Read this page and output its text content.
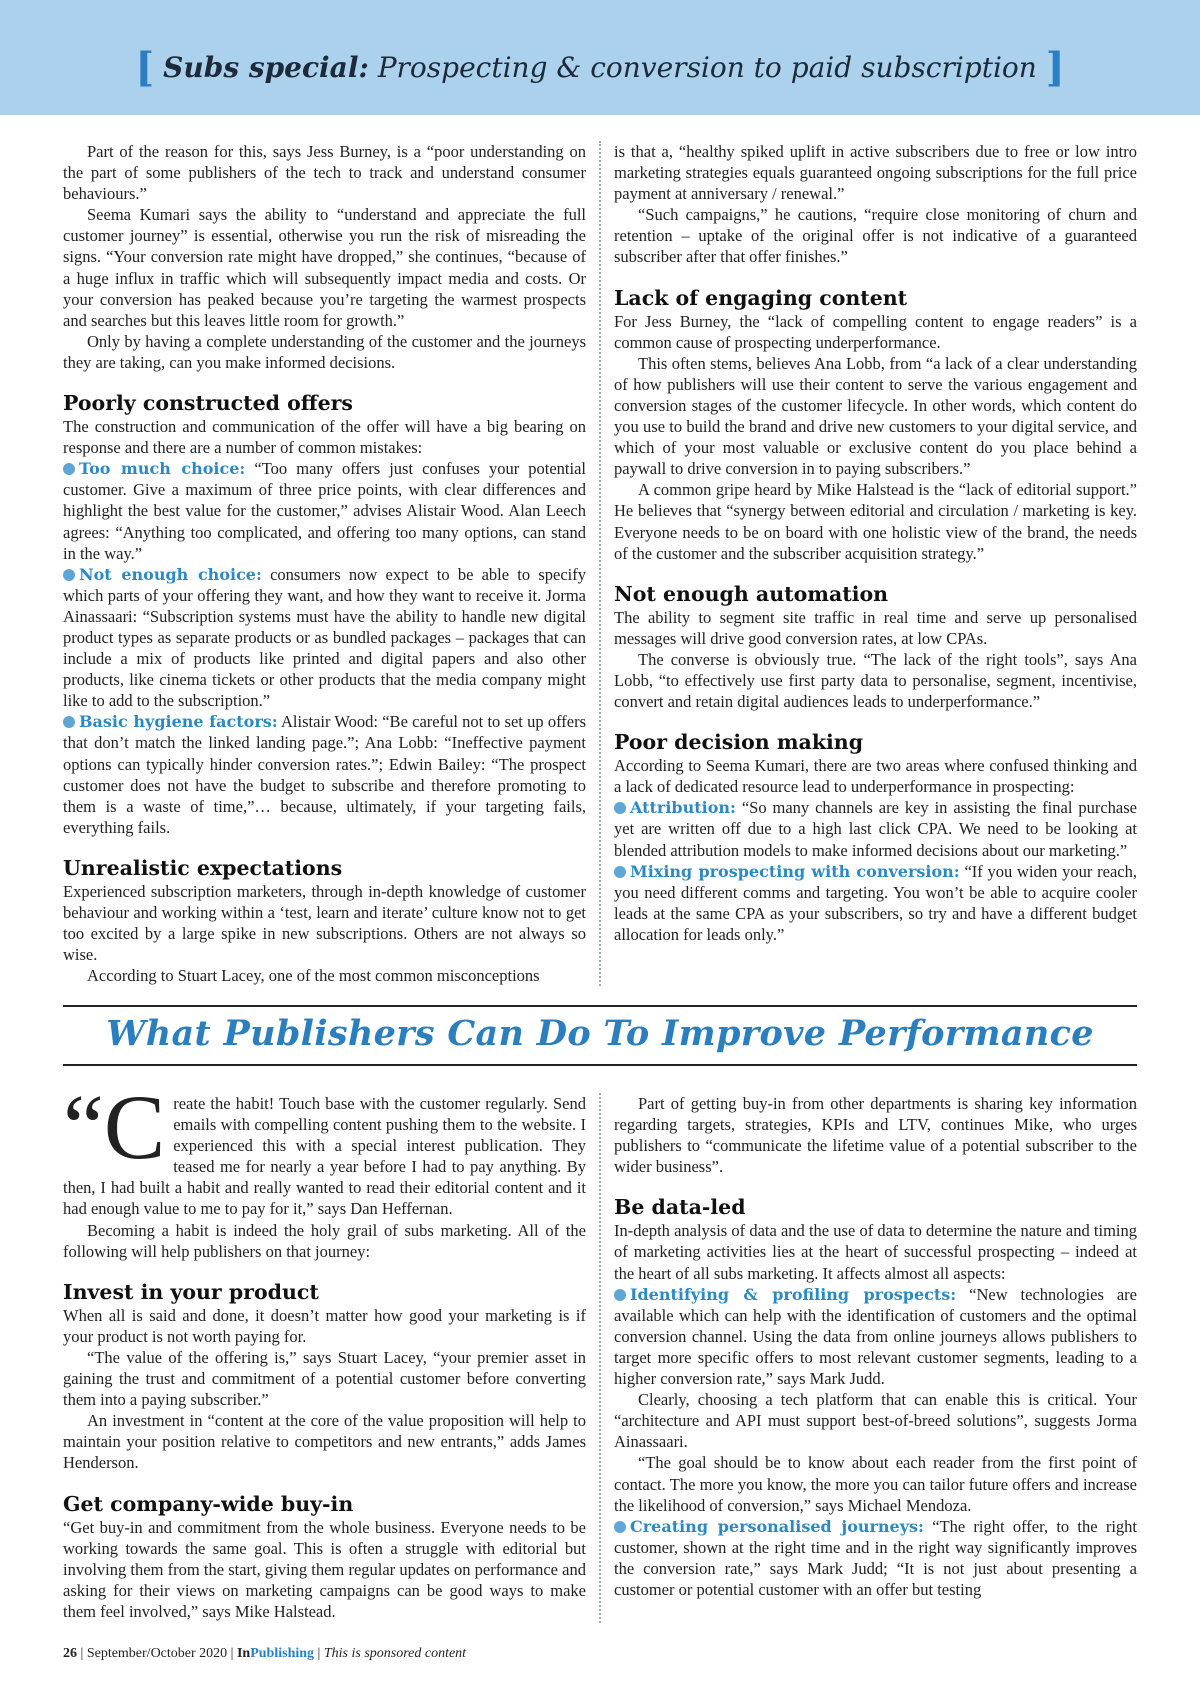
[ Subs special: Prospecting & conversion to paid subscription ]

Part of the reason for this, says Jess Burney, is a “poor understanding on the part of some publishers of the tech to track and understand consumer behaviours.”

Seema Kumari says the ability to “understand and appreciate the full customer journey” is essential, otherwise you run the risk of misreading the signs. “Your conversion rate might have dropped,” she continues, “because of a huge influx in traffic which will subsequently impact media and costs. Or your conversion has peaked because you’re targeting the warmest prospects and searches but this leaves little room for growth.”

Only by having a complete understanding of the customer and the journeys they are taking, can you make informed decisions.

Poorly constructed offers

The construction and communication of the offer will have a big bearing on response and there are a number of common mistakes:

Too much choice: “Too many offers just confuses your potential customer. Give a maximum of three price points, with clear differences and highlight the best value for the customer,” advises Alistair Wood. Alan Leech agrees: “Anything too complicated, and offering too many options, can stand in the way.”

Not enough choice: consumers now expect to be able to specify which parts of your offering they want, and how they want to receive it. Jorma Ainassaari: “Subscription systems must have the ability to handle new digital product types as separate products or as bundled packages – packages that can include a mix of products like printed and digital papers and also other products, like cinema tickets or other products that the media company might like to add to the subscription.”

Basic hygiene factors: Alistair Wood: “Be careful not to set up offers that don’t match the linked landing page.”; Ana Lobb: “Ineffective payment options can typically hinder conversion rates.”; Edwin Bailey: “The prospect customer does not have the budget to subscribe and therefore promoting to them is a waste of time,”… because, ultimately, if your targeting fails, everything fails.

Unrealistic expectations

Experienced subscription marketers, through in-depth knowledge of customer behaviour and working within a ‘test, learn and iterate’ culture know not to get too excited by a large spike in new subscriptions. Others are not always so wise.

According to Stuart Lacey, one of the most common misconceptions

is that a, “healthy spiked uplift in active subscribers due to free or low intro marketing strategies equals guaranteed ongoing subscriptions for the full price payment at anniversary / renewal.”

“Such campaigns,” he cautions, “require close monitoring of churn and retention – uptake of the original offer is not indicative of a guaranteed subscriber after that offer finishes.”

Lack of engaging content

For Jess Burney, the “lack of compelling content to engage readers” is a common cause of prospecting underperformance.

This often stems, believes Ana Lobb, from “a lack of a clear understanding of how publishers will use their content to serve the various engagement and conversion stages of the customer lifecycle. In other words, which content do you use to build the brand and drive new customers to your digital service, and which of your most valuable or exclusive content do you place behind a paywall to drive conversion in to paying subscribers.”

A common gripe heard by Mike Halstead is the “lack of editorial support.” He believes that “synergy between editorial and circulation / marketing is key. Everyone needs to be on board with one holistic view of the brand, the needs of the customer and the subscriber acquisition strategy.”

Not enough automation

The ability to segment site traffic in real time and serve up personalised messages will drive good conversion rates, at low CPAs.

The converse is obviously true. “The lack of the right tools”, says Ana Lobb, “to effectively use first party data to personalise, segment, incentivise, convert and retain digital audiences leads to underperformance.”

Poor decision making

According to Seema Kumari, there are two areas where confused thinking and a lack of dedicated resource lead to underperformance in prospecting:

Attribution: “So many channels are key in assisting the final purchase yet are written off due to a high last click CPA. We need to be looking at blended attribution models to make informed decisions about our marketing.”

Mixing prospecting with conversion: “If you widen your reach, you need different comms and targeting. You won’t be able to acquire cooler leads at the same CPA as your subscribers, so try and have a different budget allocation for leads only.”

What Publishers Can Do To Improve Performance

“C reate the habit! Touch base with the customer regularly. Send emails with compelling content pushing them to the website. I experienced this with a special interest publication. They teased me for nearly a year before I had to pay anything. By then, I had built a habit and really wanted to read their editorial content and it had enough value to me to pay for it,” says Dan Heffernan.

Becoming a habit is indeed the holy grail of subs marketing. All of the following will help publishers on that journey:

Invest in your product

When all is said and done, it doesn’t matter how good your marketing is if your product is not worth paying for.

“The value of the offering is,” says Stuart Lacey, “your premier asset in gaining the trust and commitment of a potential customer before converting them into a paying subscriber.”

An investment in “content at the core of the value proposition will help to maintain your position relative to competitors and new entrants,” adds James Henderson.

Get company-wide buy-in

“Get buy-in and commitment from the whole business. Everyone needs to be working towards the same goal. This is often a struggle with editorial but involving them from the start, giving them regular updates on performance and asking for their views on marketing campaigns can be good ways to make them feel involved,” says Mike Halstead.

Part of getting buy-in from other departments is sharing key information regarding targets, strategies, KPIs and LTV, continues Mike, who urges publishers to “communicate the lifetime value of a potential subscriber to the wider business”.

Be data-led

In-depth analysis of data and the use of data to determine the nature and timing of marketing activities lies at the heart of successful prospecting – indeed at the heart of all subs marketing. It affects almost all aspects:

Identifying & profiling prospects: “New technologies are available which can help with the identification of customers and the optimal conversion channel. Using the data from online journeys allows publishers to target more specific offers to most relevant customer segments, leading to a higher conversion rate,” says Mark Judd.

Clearly, choosing a tech platform that can enable this is critical. Your “architecture and API must support best-of-breed solutions”, suggests Jorma Ainassaari.

“The goal should be to know about each reader from the first point of contact. The more you know, the more you can tailor future offers and increase the likelihood of conversion,” says Michael Mendoza.

Creating personalised journeys: “The right offer, to the right customer, shown at the right time and in the right way significantly improves the conversion rate,” says Mark Judd; “It is not just about presenting a customer or potential customer with an offer but testing

26 | September/October 2020 | InPublishing | This is sponsored content
